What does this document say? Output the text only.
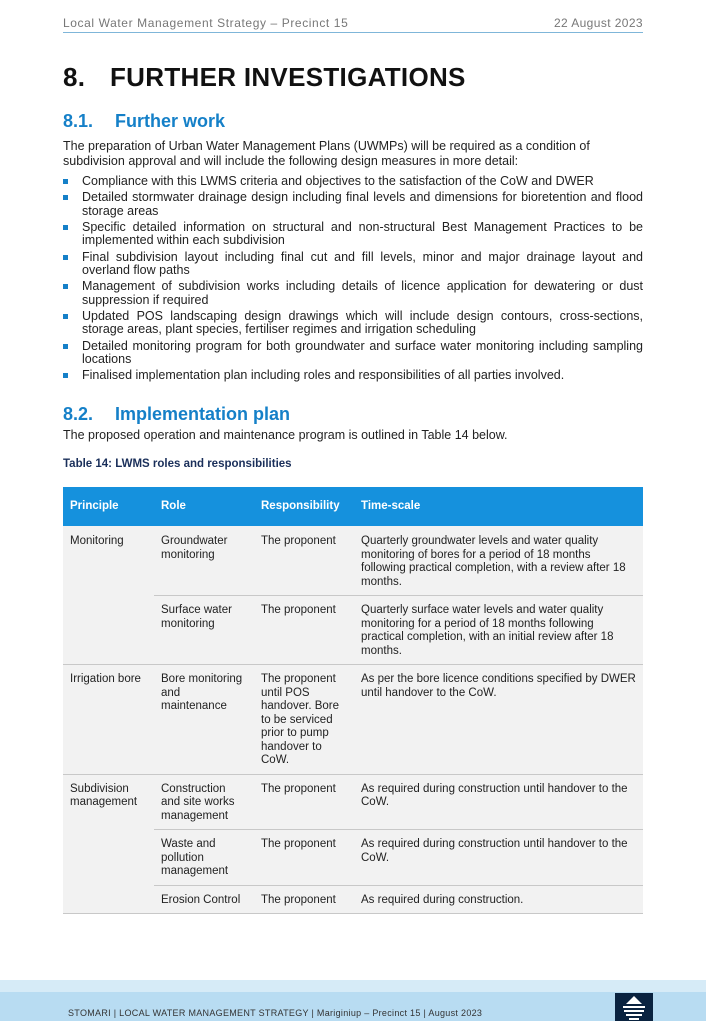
Local Water Management Strategy – Precinct 15	22 August 2023
8. FURTHER INVESTIGATIONS
8.1. Further work
The preparation of Urban Water Management Plans (UWMPs) will be required as a condition of subdivision approval and will include the following design measures in more detail:
Compliance with this LWMS criteria and objectives to the satisfaction of the CoW and DWER
Detailed stormwater drainage design including final levels and dimensions for bioretention and flood storage areas
Specific detailed information on structural and non-structural Best Management Practices to be implemented within each subdivision
Final subdivision layout including final cut and fill levels, minor and major drainage layout and overland flow paths
Management of subdivision works including details of licence application for dewatering or dust suppression if required
Updated POS landscaping design drawings which will include design contours, cross-sections, storage areas, plant species, fertiliser regimes and irrigation scheduling
Detailed monitoring program for both groundwater and surface water monitoring including sampling locations
Finalised implementation plan including roles and responsibilities of all parties involved.
8.2. Implementation plan
The proposed operation and maintenance program is outlined in Table 14 below.
Table 14: LWMS roles and responsibilities
Principle	Role	Responsibility	Time-scale
Monitoring	Groundwater monitoring	The proponent	Quarterly groundwater levels and water quality monitoring of bores for a period of 18 months following practical completion, with a review after 18 months.
	Surface water monitoring	The proponent	Quarterly surface water levels and water quality monitoring for a period of 18 months following practical completion, with an initial review after 18 months.
Irrigation bore	Bore monitoring and maintenance	The proponent until POS handover. Bore to be serviced prior to pump handover to CoW.	As per the bore licence conditions specified by DWER until handover to the CoW.
Subdivision management	Construction and site works management	The proponent	As required during construction until handover to the CoW.
	Waste and pollution management	The proponent	As required during construction until handover to the CoW.
	Erosion Control	The proponent	As required during construction.
STOMARI | LOCAL WATER MANAGEMENT STRATEGY | Mariginiup – Precinct 15 | August 2023
